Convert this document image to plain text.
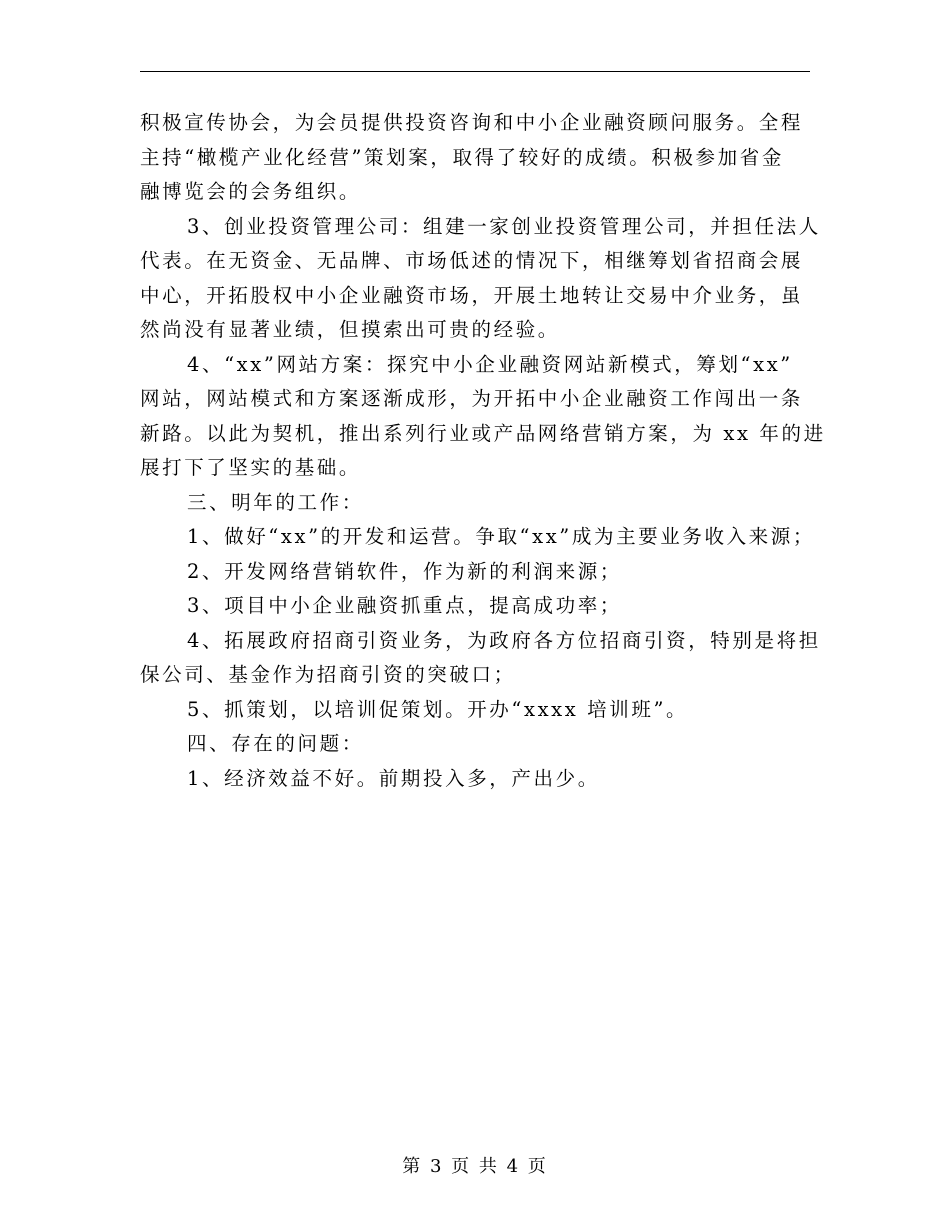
积极宣传协会，为会员提供投资咨询和中小企业融资顾问服务。全程
主持“橄榄产业化经营”策划案，取得了较好的成绩。积极参加省金
融博览会的会务组织。
3、创业投资管理公司：组建一家创业投资管理公司，并担任法人
代表。在无资金、无品牌、市场低述的情况下，相继筹划省招商会展
中心，开拓股权中小企业融资市场，开展土地转让交易中介业务，虽
然尚没有显著业绩，但摸索出可贵的经验。
4、“xx”网站方案：探究中小企业融资网站新模式，筹划“xx”
网站，网站模式和方案逐渐成形，为开拓中小企业融资工作闯出一条
新路。以此为契机，推出系列行业或产品网络营销方案，为 xx 年的进
展打下了坚实的基础。
三、明年的工作：
1、做好“xx”的开发和运营。争取“xx”成为主要业务收入来源；
2、开发网络营销软件，作为新的利润来源；
3、项目中小企业融资抓重点，提高成功率；
4、拓展政府招商引资业务，为政府各方位招商引资，特别是将担
保公司、基金作为招商引资的突破口；
5、抓策划，以培训促策划。开办“xxxx 培训班”。
四、存在的问题：
1、经济效益不好。前期投入多，产出少。
第 3 页 共 4 页
